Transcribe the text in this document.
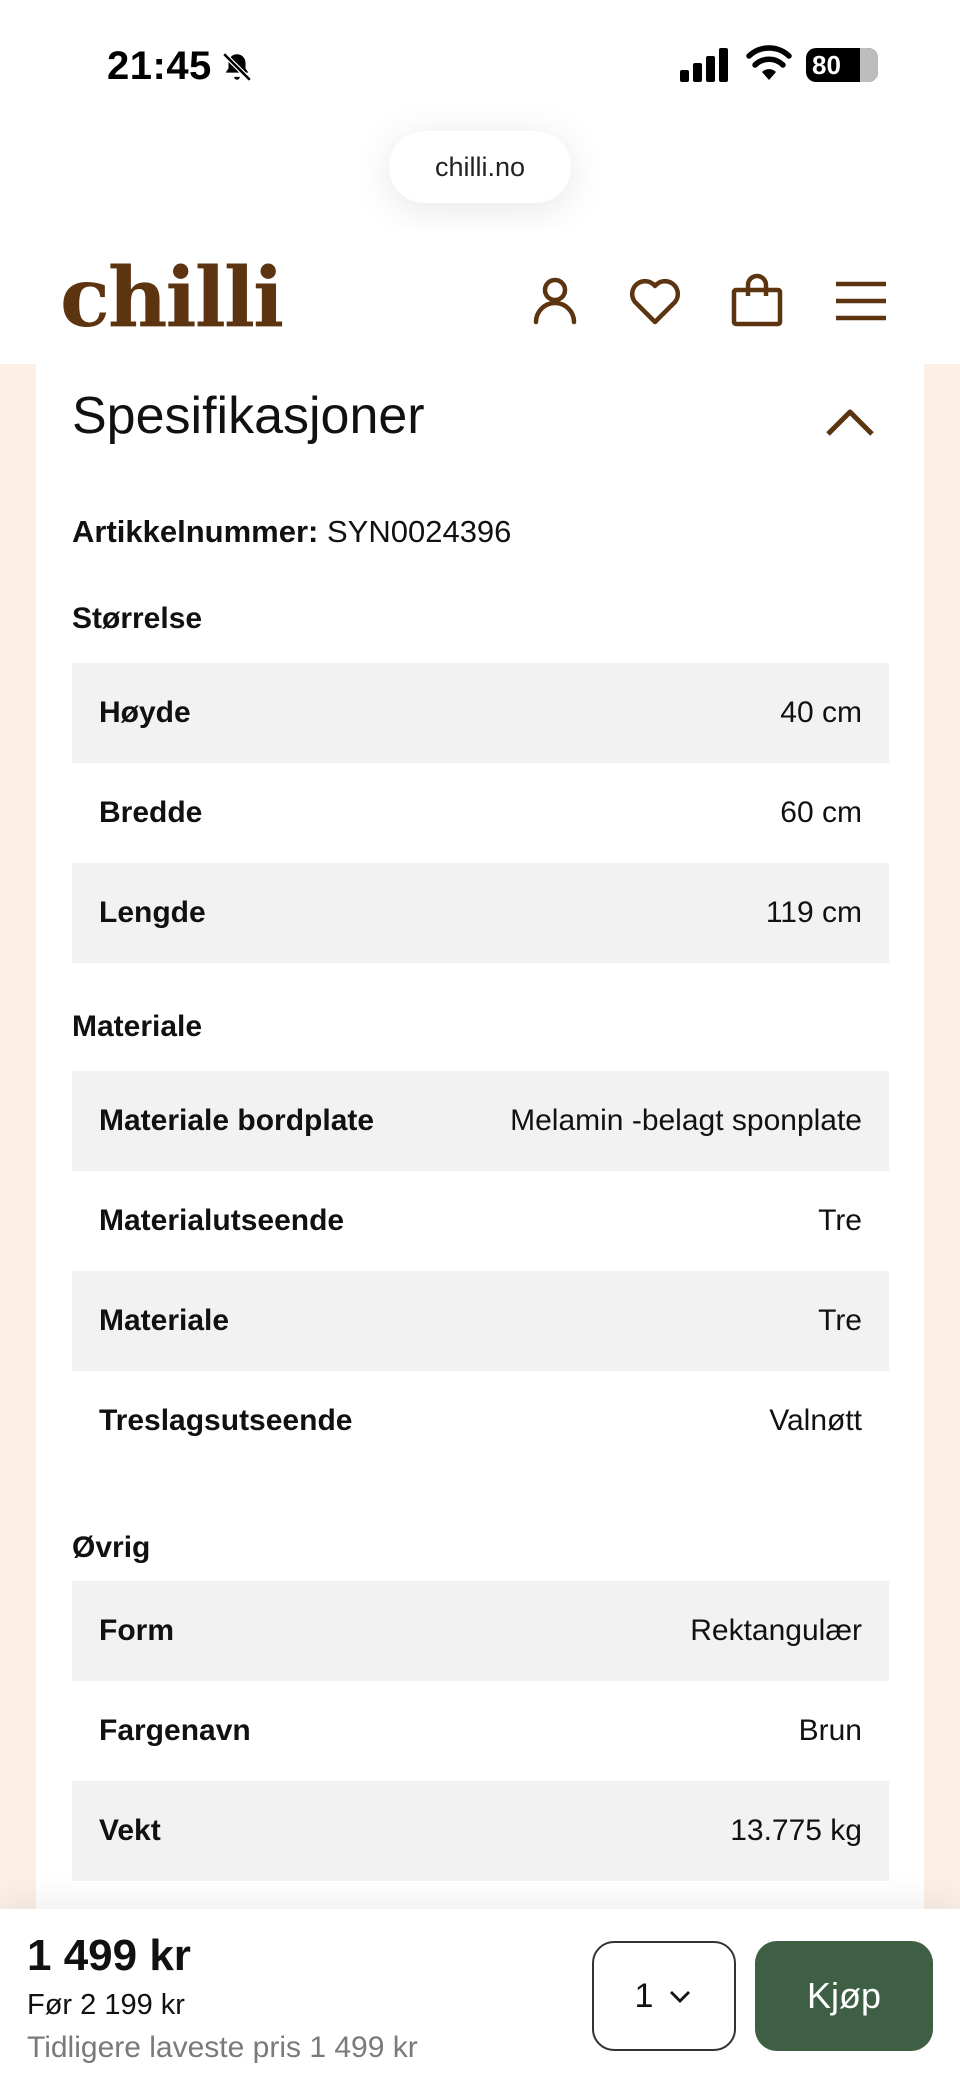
21:45	80
chilli.no
chilli
Spesifikasjoner
Artikkelnummer: SYN0024396
Størrelse
Høyde	40 cm
Bredde	60 cm
Lengde	119 cm
Materiale
Materiale bordplate	Melamin -belagt sponplate
Materialutseende	Tre
Materiale	Tre
Treslagsutseende	Valnøtt
Øvrig
Form	Rektangulær
Fargenavn	Brun
Vekt	13.775 kg
1 499 kr
Før 2 199 kr
Tidligere laveste pris 1 499 kr
1	Kjøp
